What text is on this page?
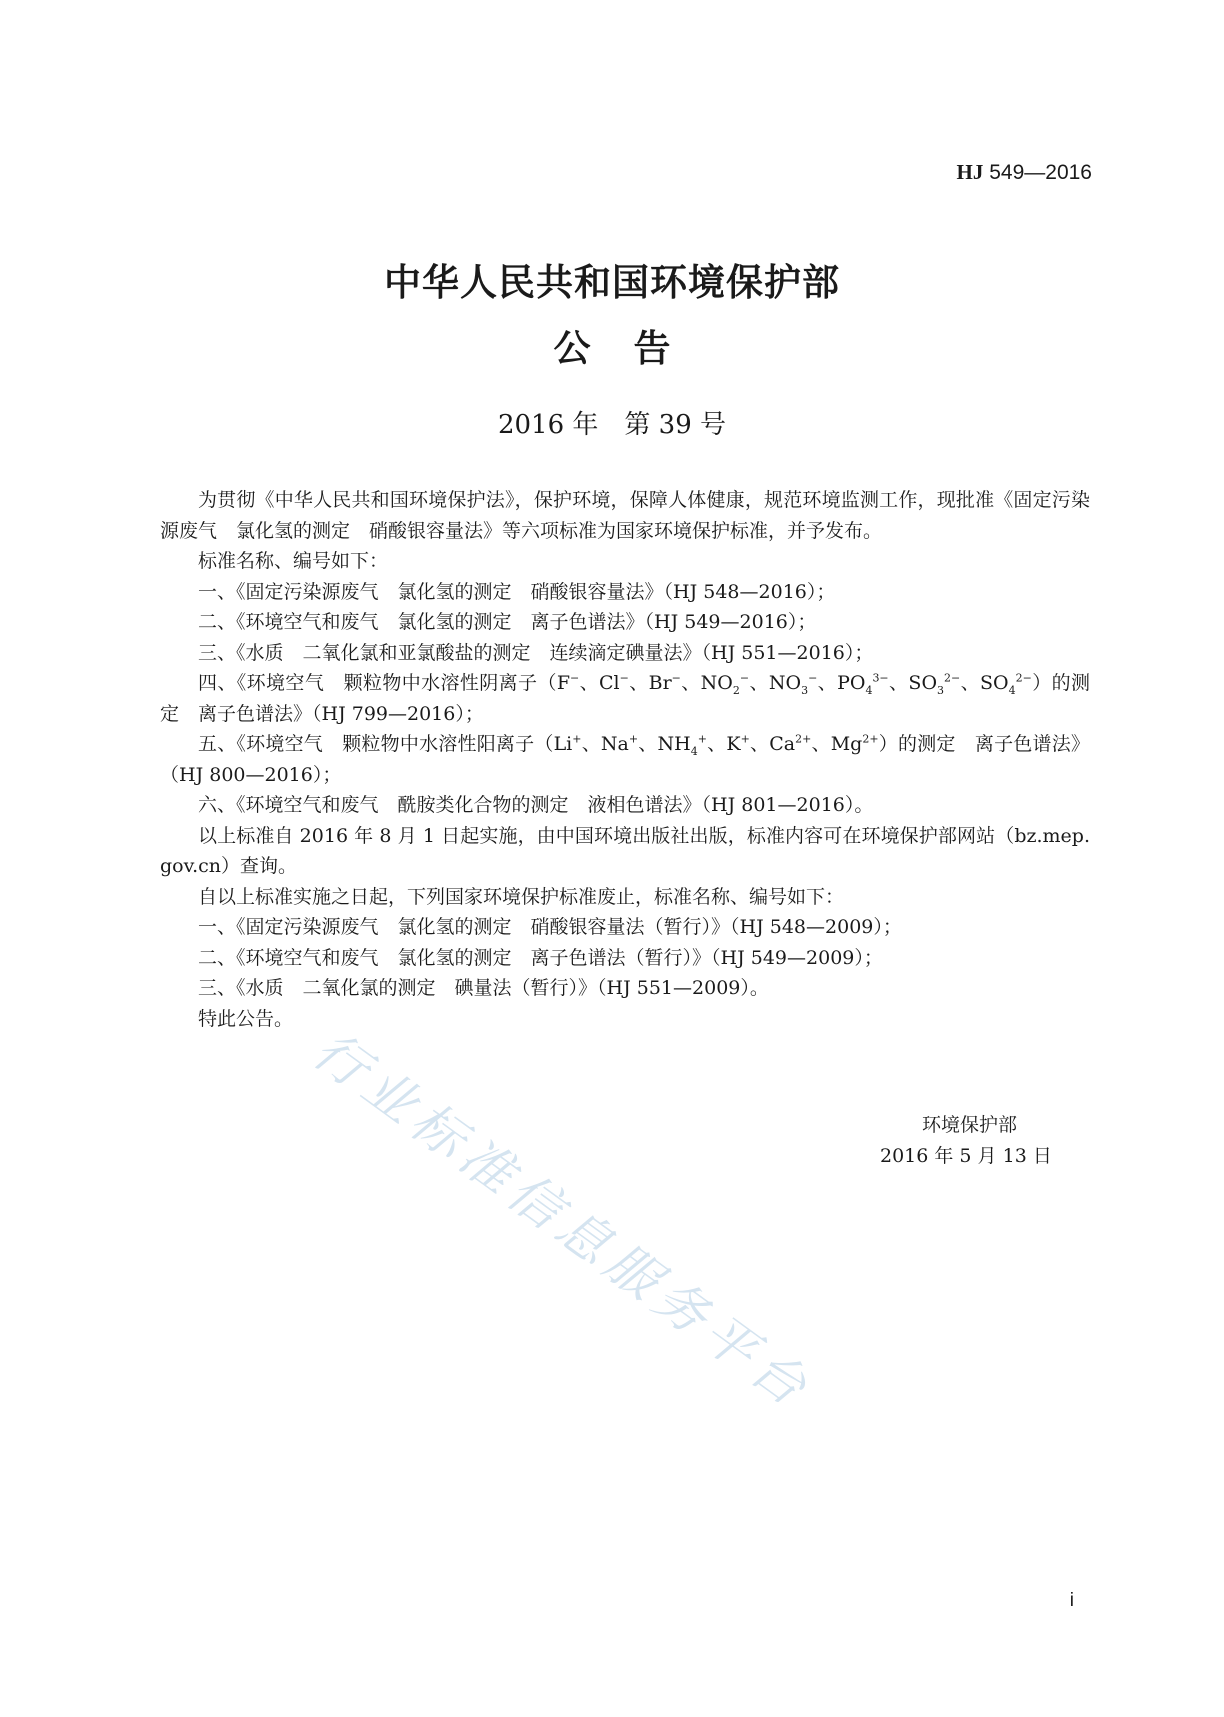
HJ 549—2016
中华人民共和国环境保护部
公 告
2016 年 第 39 号

为贯彻《中华人民共和国环境保护法》，保护环境，保障人体健康，规范环境监测工作，现批准《固定污染源废气　氯化氢的测定　硝酸银容量法》等六项标准为国家环境保护标准，并予发布。

标准名称、编号如下：

一、《固定污染源废气 氯化氢的测定 硝酸银容量法》（HJ 548—2016）；

二、《环境空气和废气 氯化氢的测定 离子色谱法》（HJ 549—2016）；

三、《水质 二氧化氯和亚氯酸盐的测定 连续滴定碘量法》（HJ 551—2016）；

四、《环境空气 颗粒物中水溶性阴离子（F−、Cl−、Br−、$NO_2^-$、$NO_3^-$、$PO_4^{3-}$、$SO_3^{2-}$、$SO_4^{2-}$）的测定 离子色谱法》（HJ 799—2016）；

五、《环境空气 颗粒物中水溶性阳离子（Li+、Na+、$NH_4^+$、K+、$Ca^{2+}$、$Mg^{2+}$）的测定 离子色谱法》（HJ 800—2016）；

六、《环境空气和废气 酰胺类化合物的测定 液相色谱法》（HJ 801—2016）。

以上标准自 2016 年 8 月 1 日起实施，由中国环境出版社出版，标准内容可在环境保护部网站（bz.mep.gov.cn）查询。

自以上标准实施之日起，下列国家环境保护标准废止，标准名称、编号如下：

一、《固定污染源废气 氯化氢的测定 硝酸银容量法（暂行）》（HJ 548—2009）；

二、《环境空气和废气 氯化氢的测定 离子色谱法（暂行）》（HJ 549—2009）；

三、《水质 二氧化氯的测定 碘量法（暂行）》（HJ 551—2009）。

特此公告。

环境保护部
2016 年 5 月 13 日
行业标准信息服务平台
i
